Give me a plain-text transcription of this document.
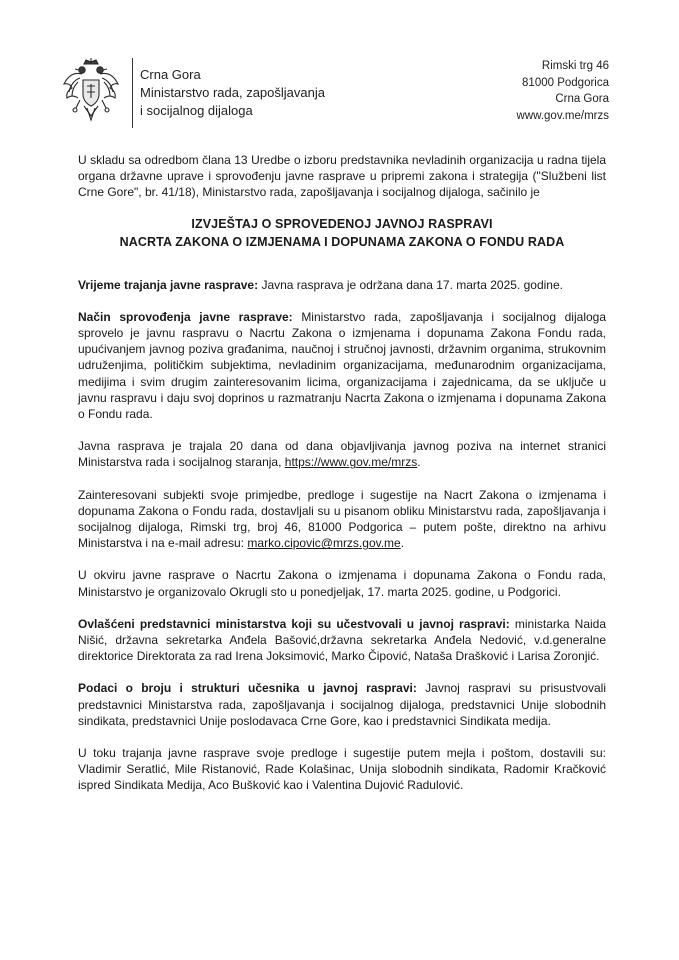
Crna Gora
Ministarstvo rada, zapošljavanja
i socijalnog dijaloga
Rimski trg 46
81000 Podgorica
Crna Gora
www.gov.me/mrzs

U skladu sa odredbom člana 13 Uredbe o izboru predstavnika nevladinih organizacija u radna tijela organa državne uprave i sprovođenju javne rasprave u pripremi zakona i strategija ("Službeni list Crne Gore", br. 41/18), Ministarstvo rada, zapošljavanja i socijalnog dijaloga, sačinilo je

IZVJEŠTAJ O SPROVEDENOJ JAVNOJ RASPRAVI
NACRTA ZAKONA O IZMJENAMA I DOPUNAMA ZAKONA O FONDU RADA

Vrijeme trajanja javne rasprave: Javna rasprava je održana dana 17. marta 2025. godine.

Način sprovođenja javne rasprave: Ministarstvo rada, zapošljavanja i socijalnog dijaloga sprovelo je javnu raspravu o Nacrtu Zakona o izmjenama i dopunama Zakona Fondu rada, upućivanjem javnog poziva građanima, naučnoj i stručnoj javnosti, državnim organima, strukovnim udruženjima, političkim subjektima, nevladinim organizacijama, međunarodnim organizacijama, medijima i svim drugim zainteresovanim licima, organizacijama i zajednicama, da se uključe u javnu raspravu i daju svoj doprinos u razmatranju Nacrta Zakona o izmjenama i dopunama Zakona o Fondu rada.

Javna rasprava je trajala 20 dana od dana objavljivanja javnog poziva na internet stranici Ministarstva rada i socijalnog staranja, https://www.gov.me/mrzs.

Zainteresovani subjekti svoje primjedbe, predloge i sugestije na Nacrt Zakona o izmjenama i dopunama Zakona o Fondu rada, dostavljali su u pisanom obliku Ministarstvu rada, zapošljavanja i socijalnog dijaloga, Rimski trg, broj 46, 81000 Podgorica – putem pošte, direktno na arhivu Ministarstva i na e-mail adresu: marko.cipovic@mrzs.gov.me.

U okviru javne rasprave o Nacrtu Zakona o izmjenama i dopunama Zakona o Fondu rada, Ministarstvo je organizovalo Okrugli sto u ponedjeljak, 17. marta 2025. godine, u Podgorici.

Ovlašćeni predstavnici ministarstva koji su učestvovali u javnoj raspravi: ministarka Naida Nišić, državna sekretarka Anđela Bašović,državna sekretarka Anđela Nedović, v.d.generalne direktorice Direktorata za rad Irena Joksimović, Marko Čipović, Nataša Drašković i Larisa Zoronjić.

Podaci o broju i strukturi učesnika u javnoj raspravi: Javnoj raspravi su prisustvovali predstavnici Ministarstva rada, zapošljavanja i socijalnog dijaloga, predstavnici Unije slobodnih sindikata, predstavnici Unije poslodavaca Crne Gore, kao i predstavnici Sindikata medija.

U toku trajanja javne rasprave svoje predloge i sugestije putem mejla i poštom, dostavili su: Vladimir Seratlić, Mile Ristanović, Rade Kolašinac, Unija slobodnih sindikata, Radomir Kračković ispred Sindikata Medija, Aco Bušković kao i Valentina Dujović Radulović.
